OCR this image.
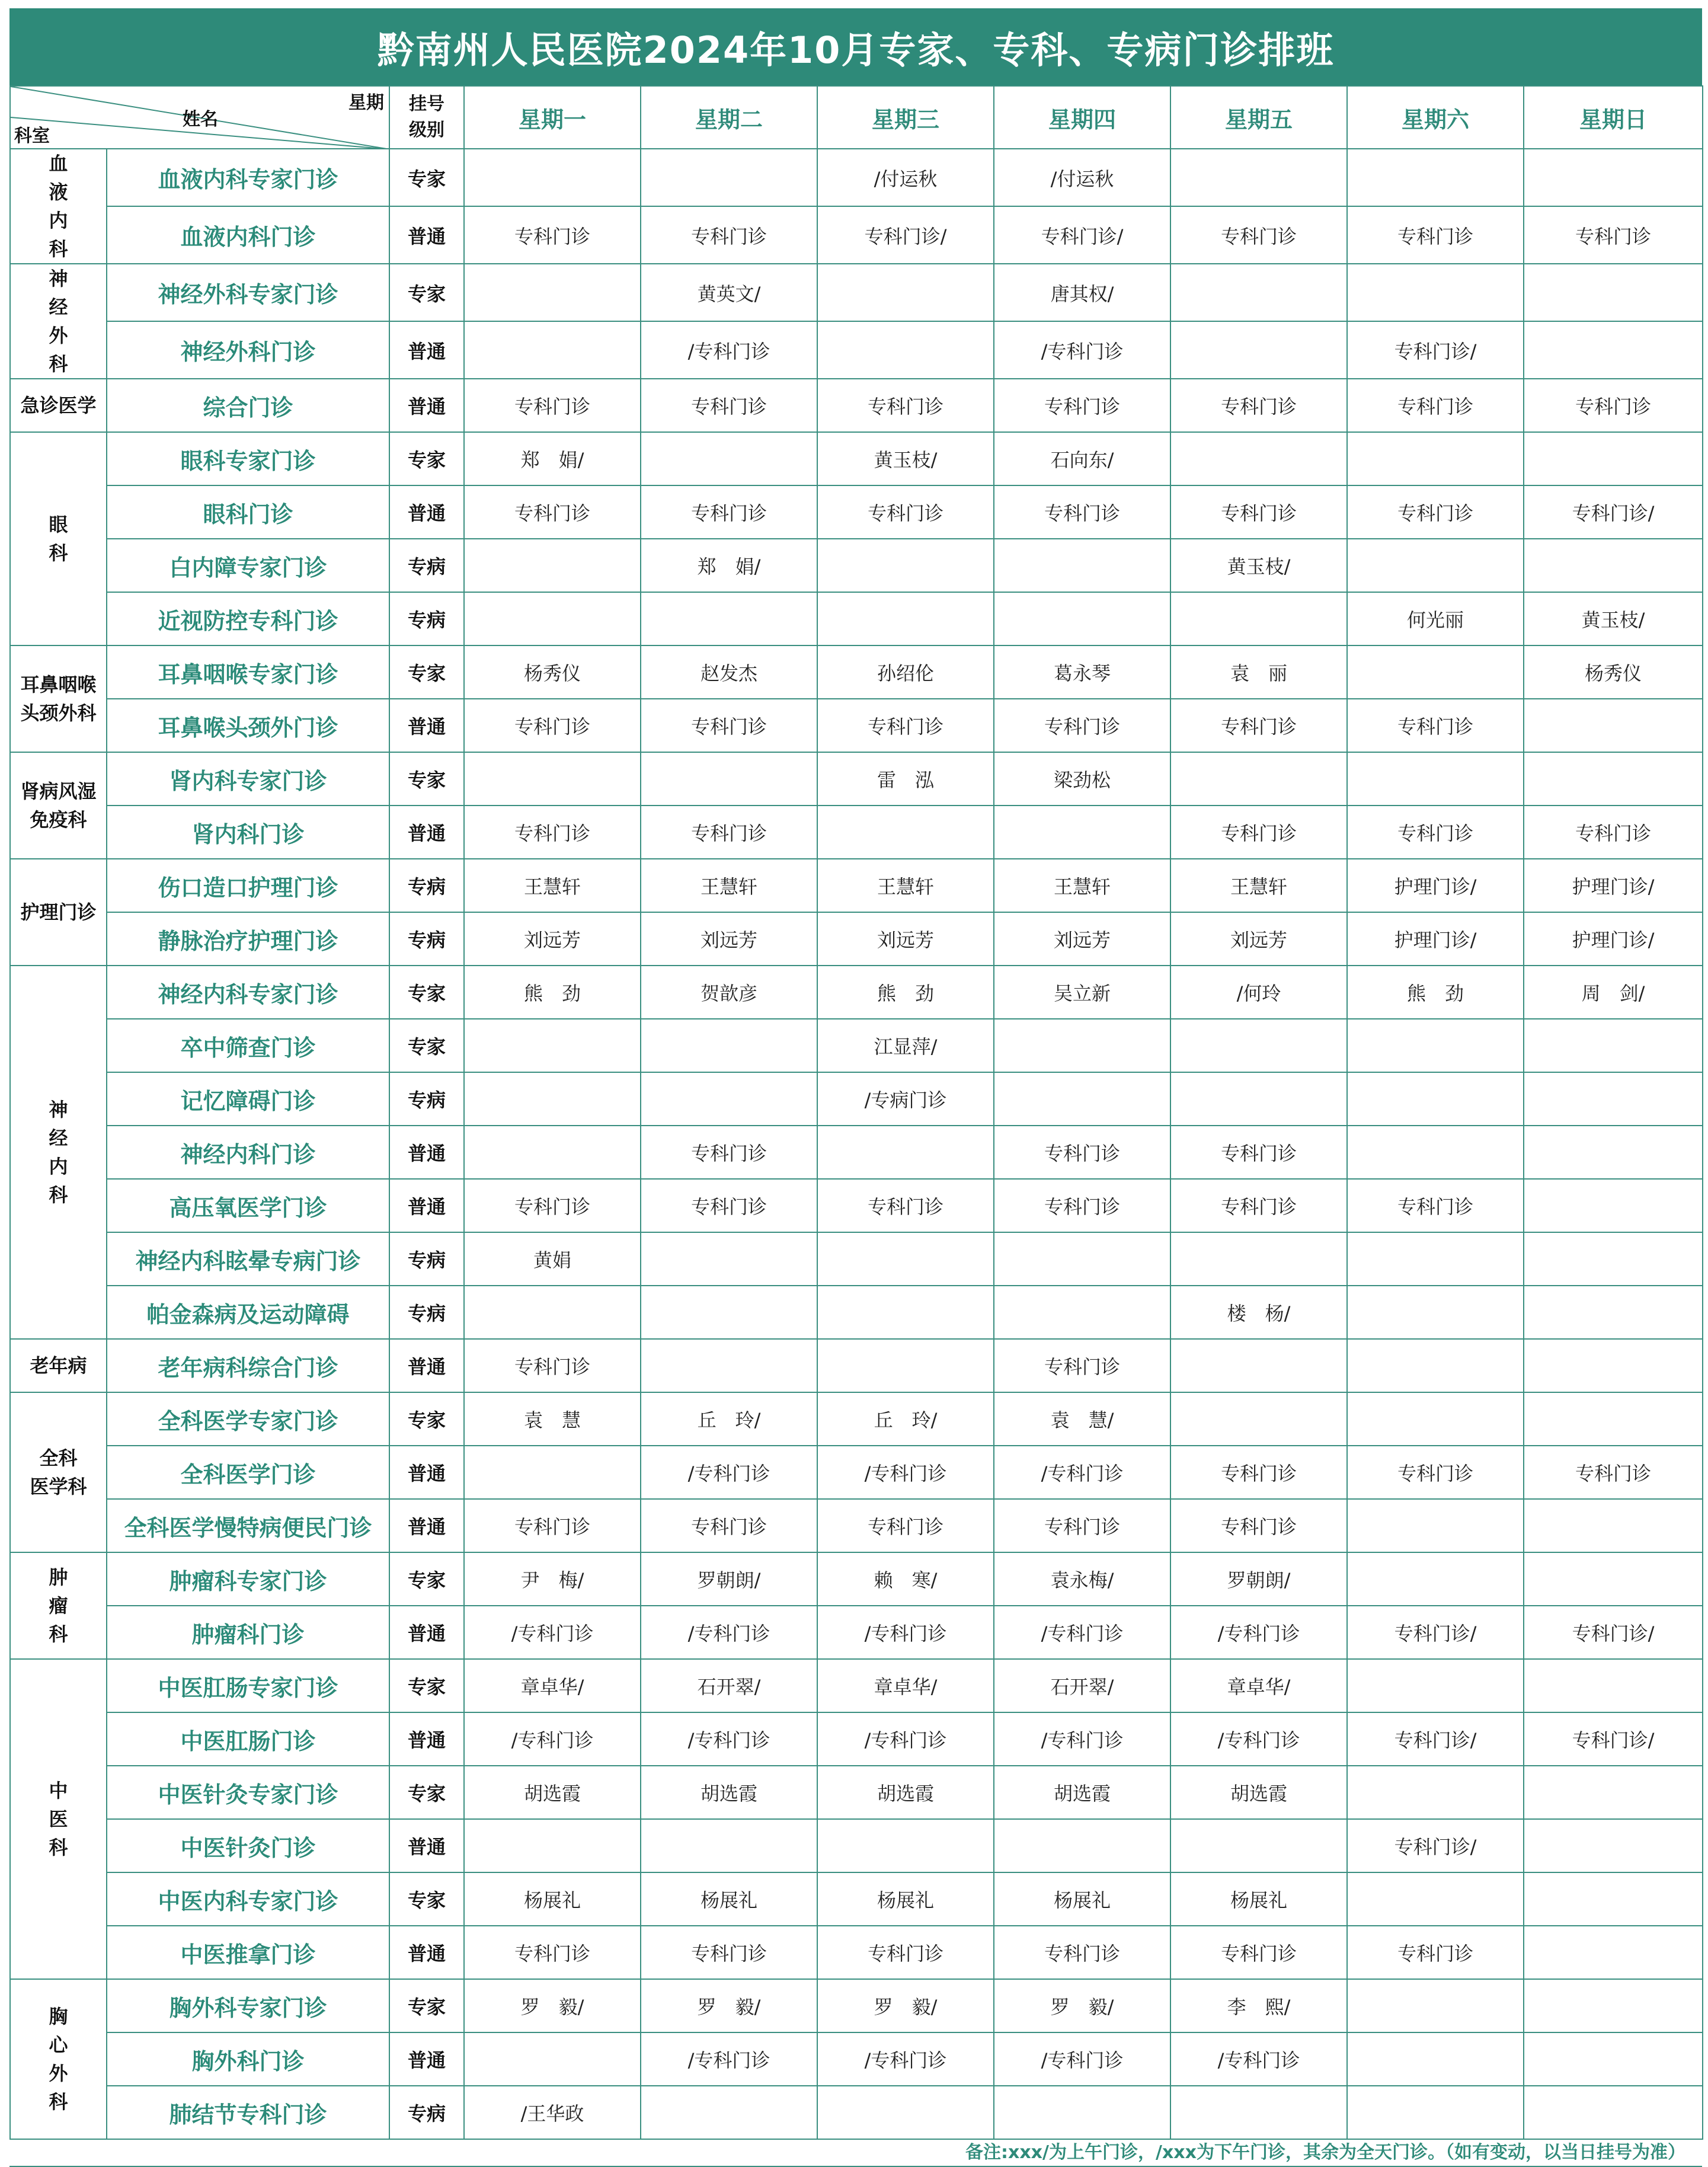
黔南州人民医院2024年10月专家、专科、专病门诊排班
星期
姓名
科室		挂号
级别	星期一	星期二	星期三	星期四	星期五	星期六	星期日

血
液
内
科	血液内科专家门诊	专家			/付运秋	/付运秋			
	血液内科门诊	普通	专科门诊	专科门诊	专科门诊/	专科门诊/	专科门诊	专科门诊	专科门诊

神
经
外
科	神经外科专家门诊	专家		黄英文/		唐其权/			
	神经外科门诊	普通		/专科门诊		/专科门诊		专科门诊/	

急诊医学	综合门诊	普通	专科门诊	专科门诊	专科门诊	专科门诊	专科门诊	专科门诊	专科门诊

眼
科	眼科专家门诊	专家	郑　娟/		黄玉枝/	石向东/			
	眼科门诊	普通	专科门诊	专科门诊	专科门诊	专科门诊	专科门诊	专科门诊	专科门诊/
	白内障专家门诊	专病		郑　娟/			黄玉枝/		
	近视防控专科门诊	专病						何光丽	黄玉枝/

耳鼻咽喉
头颈外科	耳鼻咽喉专家门诊	专家	杨秀仪	赵发杰	孙绍伦	葛永琴	袁　丽		杨秀仪
	耳鼻喉头颈外门诊	普通	专科门诊	专科门诊	专科门诊	专科门诊	专科门诊	专科门诊	

肾病风湿
免疫科	肾内科专家门诊	专家			雷　泓	梁劲松			
	肾内科门诊	普通	专科门诊	专科门诊			专科门诊	专科门诊	专科门诊

护理门诊	伤口造口护理门诊	专病	王慧轩	王慧轩	王慧轩	王慧轩	王慧轩	护理门诊/	护理门诊/
	静脉治疗护理门诊	专病	刘远芳	刘远芳	刘远芳	刘远芳	刘远芳	护理门诊/	护理门诊/

神
经
内
科	神经内科专家门诊	专家	熊　劲	贺歆彦	熊　劲	吴立新	/何玲	熊　劲	周　剑/
	卒中筛查门诊	专家			江显萍/				
	记忆障碍门诊	专病			/专病门诊				
	神经内科门诊	普通		专科门诊		专科门诊	专科门诊		
	高压氧医学门诊	普通	专科门诊	专科门诊	专科门诊	专科门诊	专科门诊	专科门诊	
	神经内科眩晕专病门诊	专病	黄娟						
	帕金森病及运动障碍	专病					楼　杨/		

老年病	老年病科综合门诊	普通	专科门诊			专科门诊			

全科
医学科	全科医学专家门诊	专家	袁　慧	丘　玲/	丘　玲/	袁　慧/			
	全科医学门诊	普通		/专科门诊	/专科门诊	/专科门诊	专科门诊	专科门诊	专科门诊
	全科医学慢特病便民门诊	普通	专科门诊	专科门诊	专科门诊	专科门诊	专科门诊		

肿
瘤
科	肿瘤科专家门诊	专家	尹　梅/	罗朝朗/	赖　寒/	袁永梅/	罗朝朗/		
	肿瘤科门诊	普通	/专科门诊	/专科门诊	/专科门诊	/专科门诊	/专科门诊	专科门诊/	专科门诊/

中
医
科	中医肛肠专家门诊	专家	章卓华/	石开翠/	章卓华/	石开翠/	章卓华/		
	中医肛肠门诊	普通	/专科门诊	/专科门诊	/专科门诊	/专科门诊	/专科门诊	专科门诊/	专科门诊/
	中医针灸专家门诊	专家	胡选霞	胡选霞	胡选霞	胡选霞	胡选霞		
	中医针灸门诊	普通						专科门诊/	
	中医内科专家门诊	专家	杨展礼	杨展礼	杨展礼	杨展礼	杨展礼		
	中医推拿门诊	普通	专科门诊	专科门诊	专科门诊	专科门诊	专科门诊	专科门诊	

胸
心
外
科	胸外科专家门诊	专家	罗　毅/	罗　毅/	罗　毅/	罗　毅/	李　熙/		
	胸外科门诊	普通		/专科门诊	/专科门诊	/专科门诊	/专科门诊		
	肺结节专科门诊	专病	/王华政						
备注:xxx/为上午门诊，/xxx为下午门诊，其余为全天门诊。（如有变动，以当日挂号为准）
